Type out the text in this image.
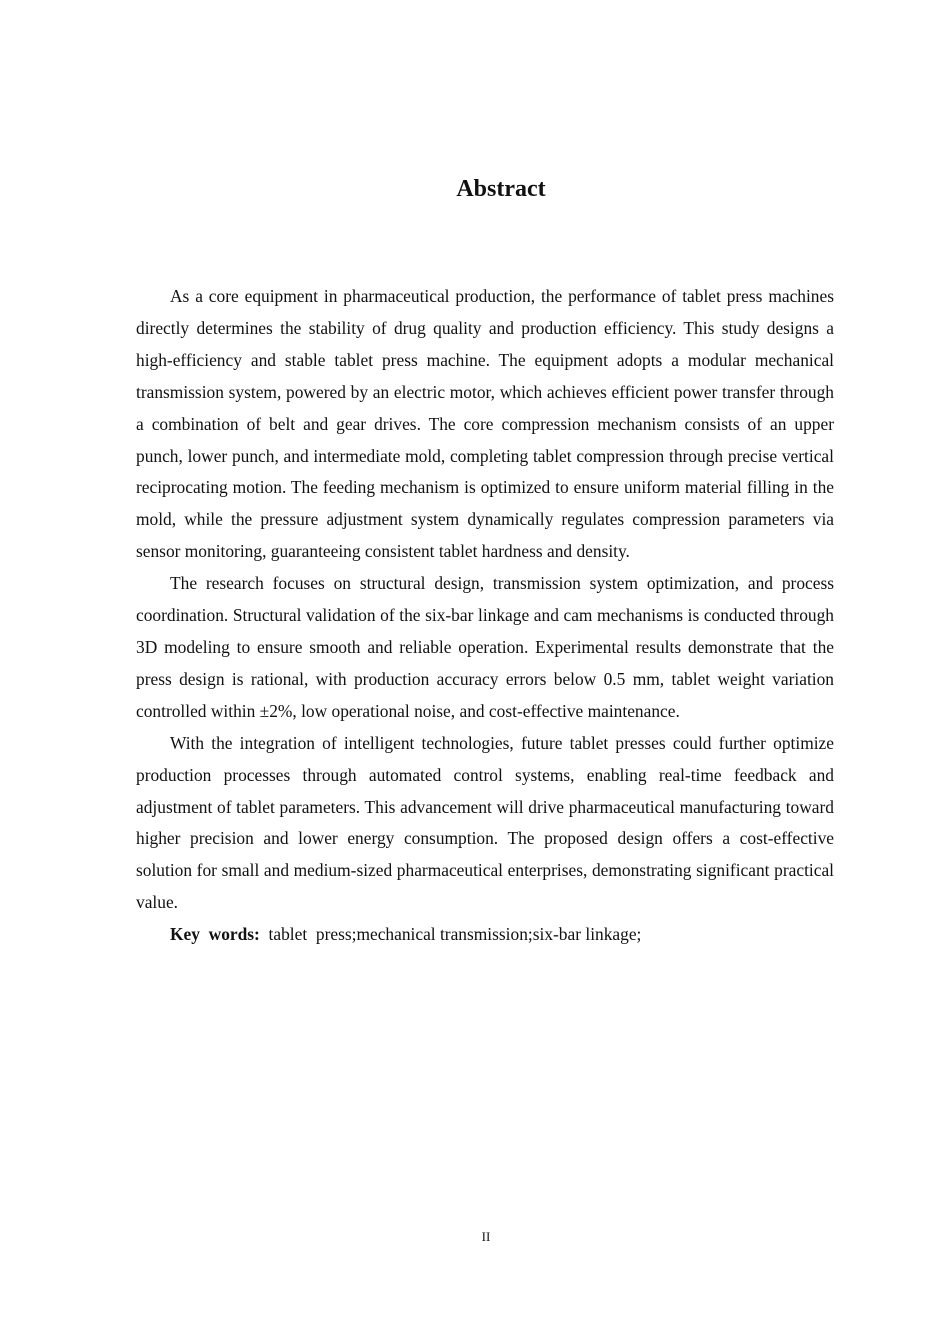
Abstract

As a core equipment in pharmaceutical production, the performance of tablet press machines directly determines the stability of drug quality and production efficiency. This study designs a high-efficiency and stable tablet press machine. The equipment adopts a modular mechanical transmission system, powered by an electric motor, which achieves efficient power transfer through a combination of belt and gear drives. The core compression mechanism consists of an upper punch, lower punch, and intermediate mold, completing tablet compression through precise vertical reciprocating motion. The feeding mechanism is optimized to ensure uniform material filling in the mold, while the pressure adjustment system dynamically regulates compression parameters via sensor monitoring, guaranteeing consistent tablet hardness and density.

The research focuses on structural design, transmission system optimization, and process coordination. Structural validation of the six-bar linkage and cam mechanisms is conducted through 3D modeling to ensure smooth and reliable operation. Experimental results demonstrate that the press design is rational, with production accuracy errors below 0.5 mm, tablet weight variation controlled within ±2%, low operational noise, and cost-effective maintenance.

With the integration of intelligent technologies, future tablet presses could further optimize production processes through automated control systems, enabling real-time feedback and adjustment of tablet parameters. This advancement will drive pharmaceutical manufacturing toward higher precision and lower energy consumption. The proposed design offers a cost-effective solution for small and medium-sized pharmaceutical enterprises, demonstrating significant practical value.

Key  words: tablet  press;mechanical transmission;six-bar linkage;

II
